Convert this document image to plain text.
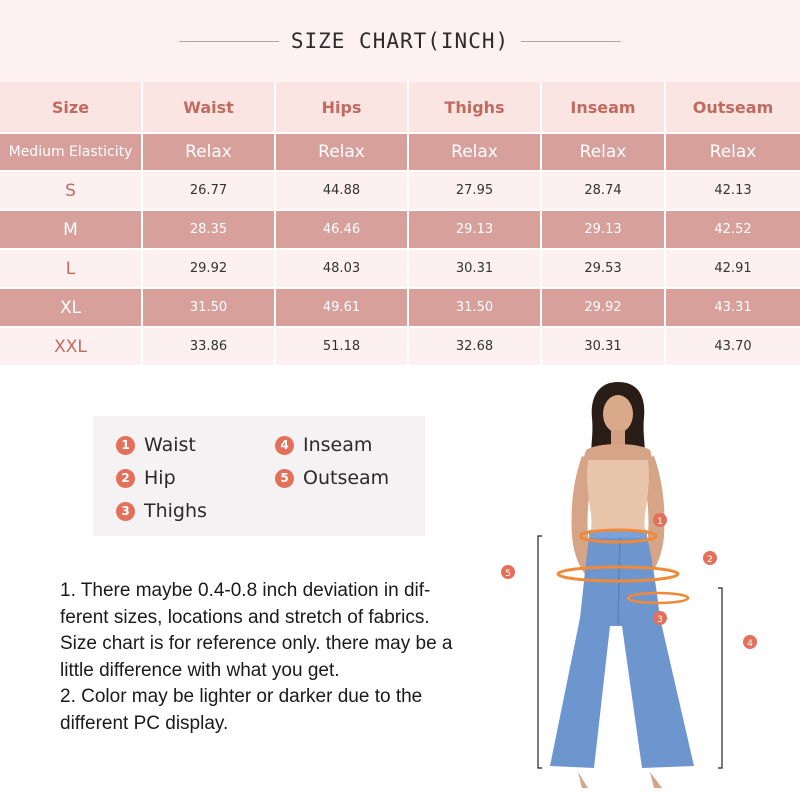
SIZE CHART(INCH)
Size	Waist	Hips	Thighs	Inseam	Outseam
Medium Elasticity	Relax	Relax	Relax	Relax	Relax
S	26.77	44.88	27.95	28.74	42.13
M	28.35	46.46	29.13	29.13	42.52
L	29.92	48.03	30.31	29.53	42.91
XL	31.50	49.61	31.50	29.92	43.31
XXL	33.86	51.18	32.68	30.31	43.70
1 Waist
2 Hip
3 Thighs
4 Inseam
5 Outseam

1. There maybe 0.4-0.8 inch deviation in dif-

ferent sizes, locations and stretch of fabrics.

Size chart is for reference only. there may be a

little difference with what you get.

2. Color may be lighter or darker due to the

different PC display.

1
2
3
4
5
